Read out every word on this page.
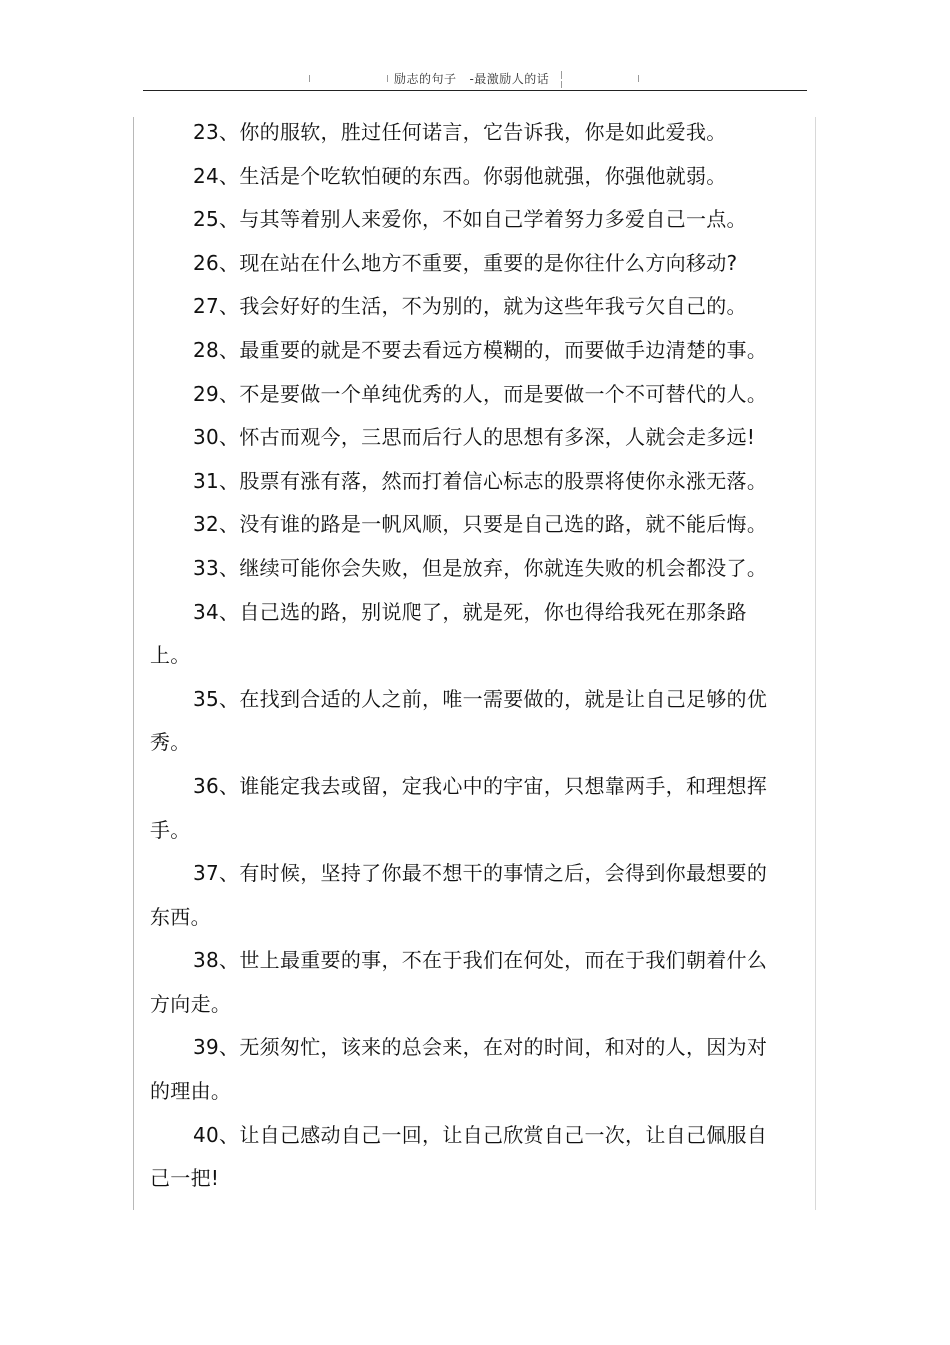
励志的句子   -最激励人的话

23、你的服软，胜过任何诺言，它告诉我，你是如此爱我。

24、生活是个吃软怕硬的东西。你弱他就强，你强他就弱。

25、与其等着别人来爱你，不如自己学着努力多爱自己一点。

26、现在站在什么地方不重要，重要的是你往什么方向移动?

27、我会好好的生活，不为别的，就为这些年我亏欠自己的。

28、最重要的就是不要去看远方模糊的，而要做手边清楚的事。

29、不是要做一个单纯优秀的人，而是要做一个不可替代的人。

30、怀古而观今，三思而后行人的思想有多深，人就会走多远!

31、股票有涨有落，然而打着信心标志的股票将使你永涨无落。

32、没有谁的路是一帆风顺，只要是自己选的路，就不能后悔。

33、继续可能你会失败，但是放弃，你就连失败的机会都没了。

34、自己选的路，别说爬了，就是死，你也得给我死在那条路上。

35、在找到合适的人之前，唯一需要做的，就是让自己足够的优秀。

36、谁能定我去或留，定我心中的宇宙，只想靠两手，和理想挥手。

37、有时候，坚持了你最不想干的事情之后，会得到你最想要的东西。

38、世上最重要的事，不在于我们在何处，而在于我们朝着什么方向走。

39、无须匆忙，该来的总会来，在对的时间，和对的人，因为对的理由。

40、让自己感动自己一回，让自己欣赏自己一次，让自己佩服自己一把!
